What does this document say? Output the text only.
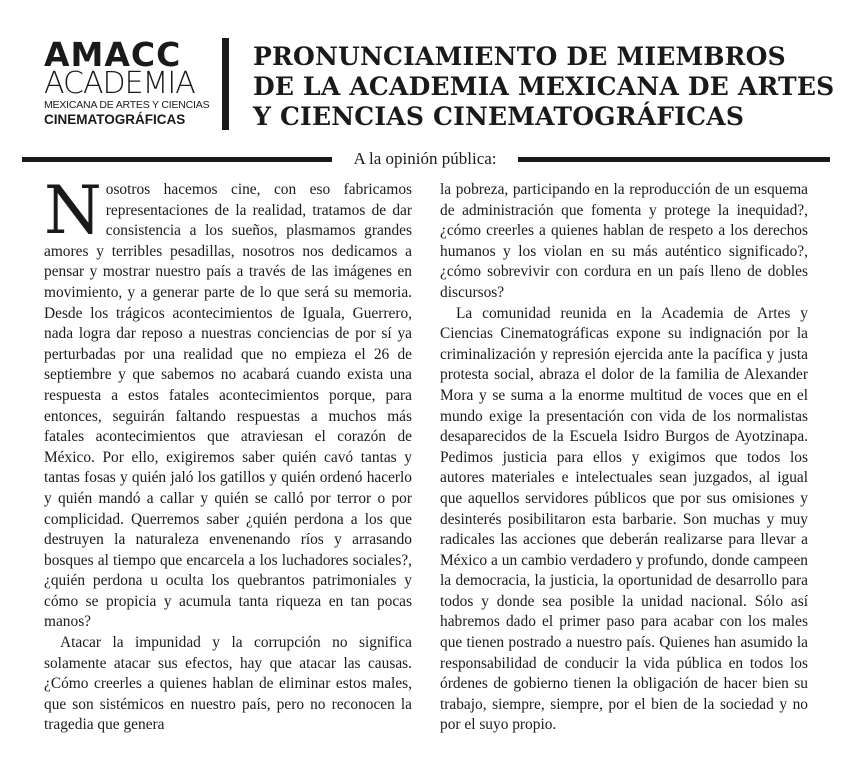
AMACC
ACADEMIA
MEXICANA DE ARTES Y CIENCIAS
CINEMATOGRÁFICAS
PRONUNCIAMIENTO DE MIEMBROS
DE LA ACADEMIA MEXICANA DE ARTES
Y CIENCIAS CINEMATOGRÁFICAS
A la opinión pública:

Nosotros hacemos cine, con eso fabricamos representaciones de la realidad, tratamos de dar consistencia a los sueños, plasmamos grandes amores y terribles pesadillas, nosotros nos dedicamos a pensar y mostrar nuestro país a través de las imágenes en movimiento, y a generar parte de lo que será su memoria. Desde los trágicos acontecimientos de Iguala, Guerrero, nada logra dar reposo a nuestras conciencias de por sí ya perturbadas por una realidad que no empieza el 26 de septiembre y que sabemos no acabará cuando exista una respuesta a estos fatales acontecimientos porque, para entonces, seguirán faltando respuestas a muchos más fatales acontecimientos que atraviesan el corazón de México. Por ello, exigiremos saber quién cavó tantas y tantas fosas y quién jaló los gatillos y quién ordenó hacerlo y quién mandó a callar y quién se calló por terror o por complicidad. Querremos saber ¿quién perdona a los que destruyen la naturaleza envenenando ríos y arrasando bosques al tiempo que encarcela a los luchadores sociales?, ¿quién perdona u oculta los quebrantos patrimoniales y cómo se propicia y acumula tanta riqueza en tan pocas manos?

Atacar la impunidad y la corrupción no significa solamente atacar sus efectos, hay que atacar las causas. ¿Cómo creerles a quienes hablan de eliminar estos males, que son sistémicos en nuestro país, pero no reconocen la tragedia que genera

la pobreza, participando en la reproducción de un esquema de administración que fomenta y protege la inequidad?, ¿cómo creerles a quienes hablan de respeto a los derechos humanos y los violan en su más auténtico significado?, ¿cómo sobrevivir con cordura en un país lleno de dobles discursos?

La comunidad reunida en la Academia de Artes y Ciencias Cinematográficas expone su indignación por la criminalización y represión ejercida ante la pacífica y justa protesta social, abraza el dolor de la familia de Alexander Mora y se suma a la enorme multitud de voces que en el mundo exige la presentación con vida de los normalistas desaparecidos de la Escuela Isidro Burgos de Ayotzinapa. Pedimos justicia para ellos y exigimos que todos los autores materiales e intelectuales sean juzgados, al igual que aquellos servidores públicos que por sus omisiones y desinterés posibilitaron esta barbarie. Son muchas y muy radicales las acciones que deberán realizarse para llevar a México a un cambio verdadero y profundo, donde campeen la democracia, la justicia, la oportunidad de desarrollo para todos y donde sea posible la unidad nacional. Sólo así habremos dado el primer paso para acabar con los males que tienen postrado a nuestro país. Quienes han asumido la responsabilidad de conducir la vida pública en todos los órdenes de gobierno tienen la obligación de hacer bien su trabajo, siempre, siempre, por el bien de la sociedad y no por el suyo propio.
